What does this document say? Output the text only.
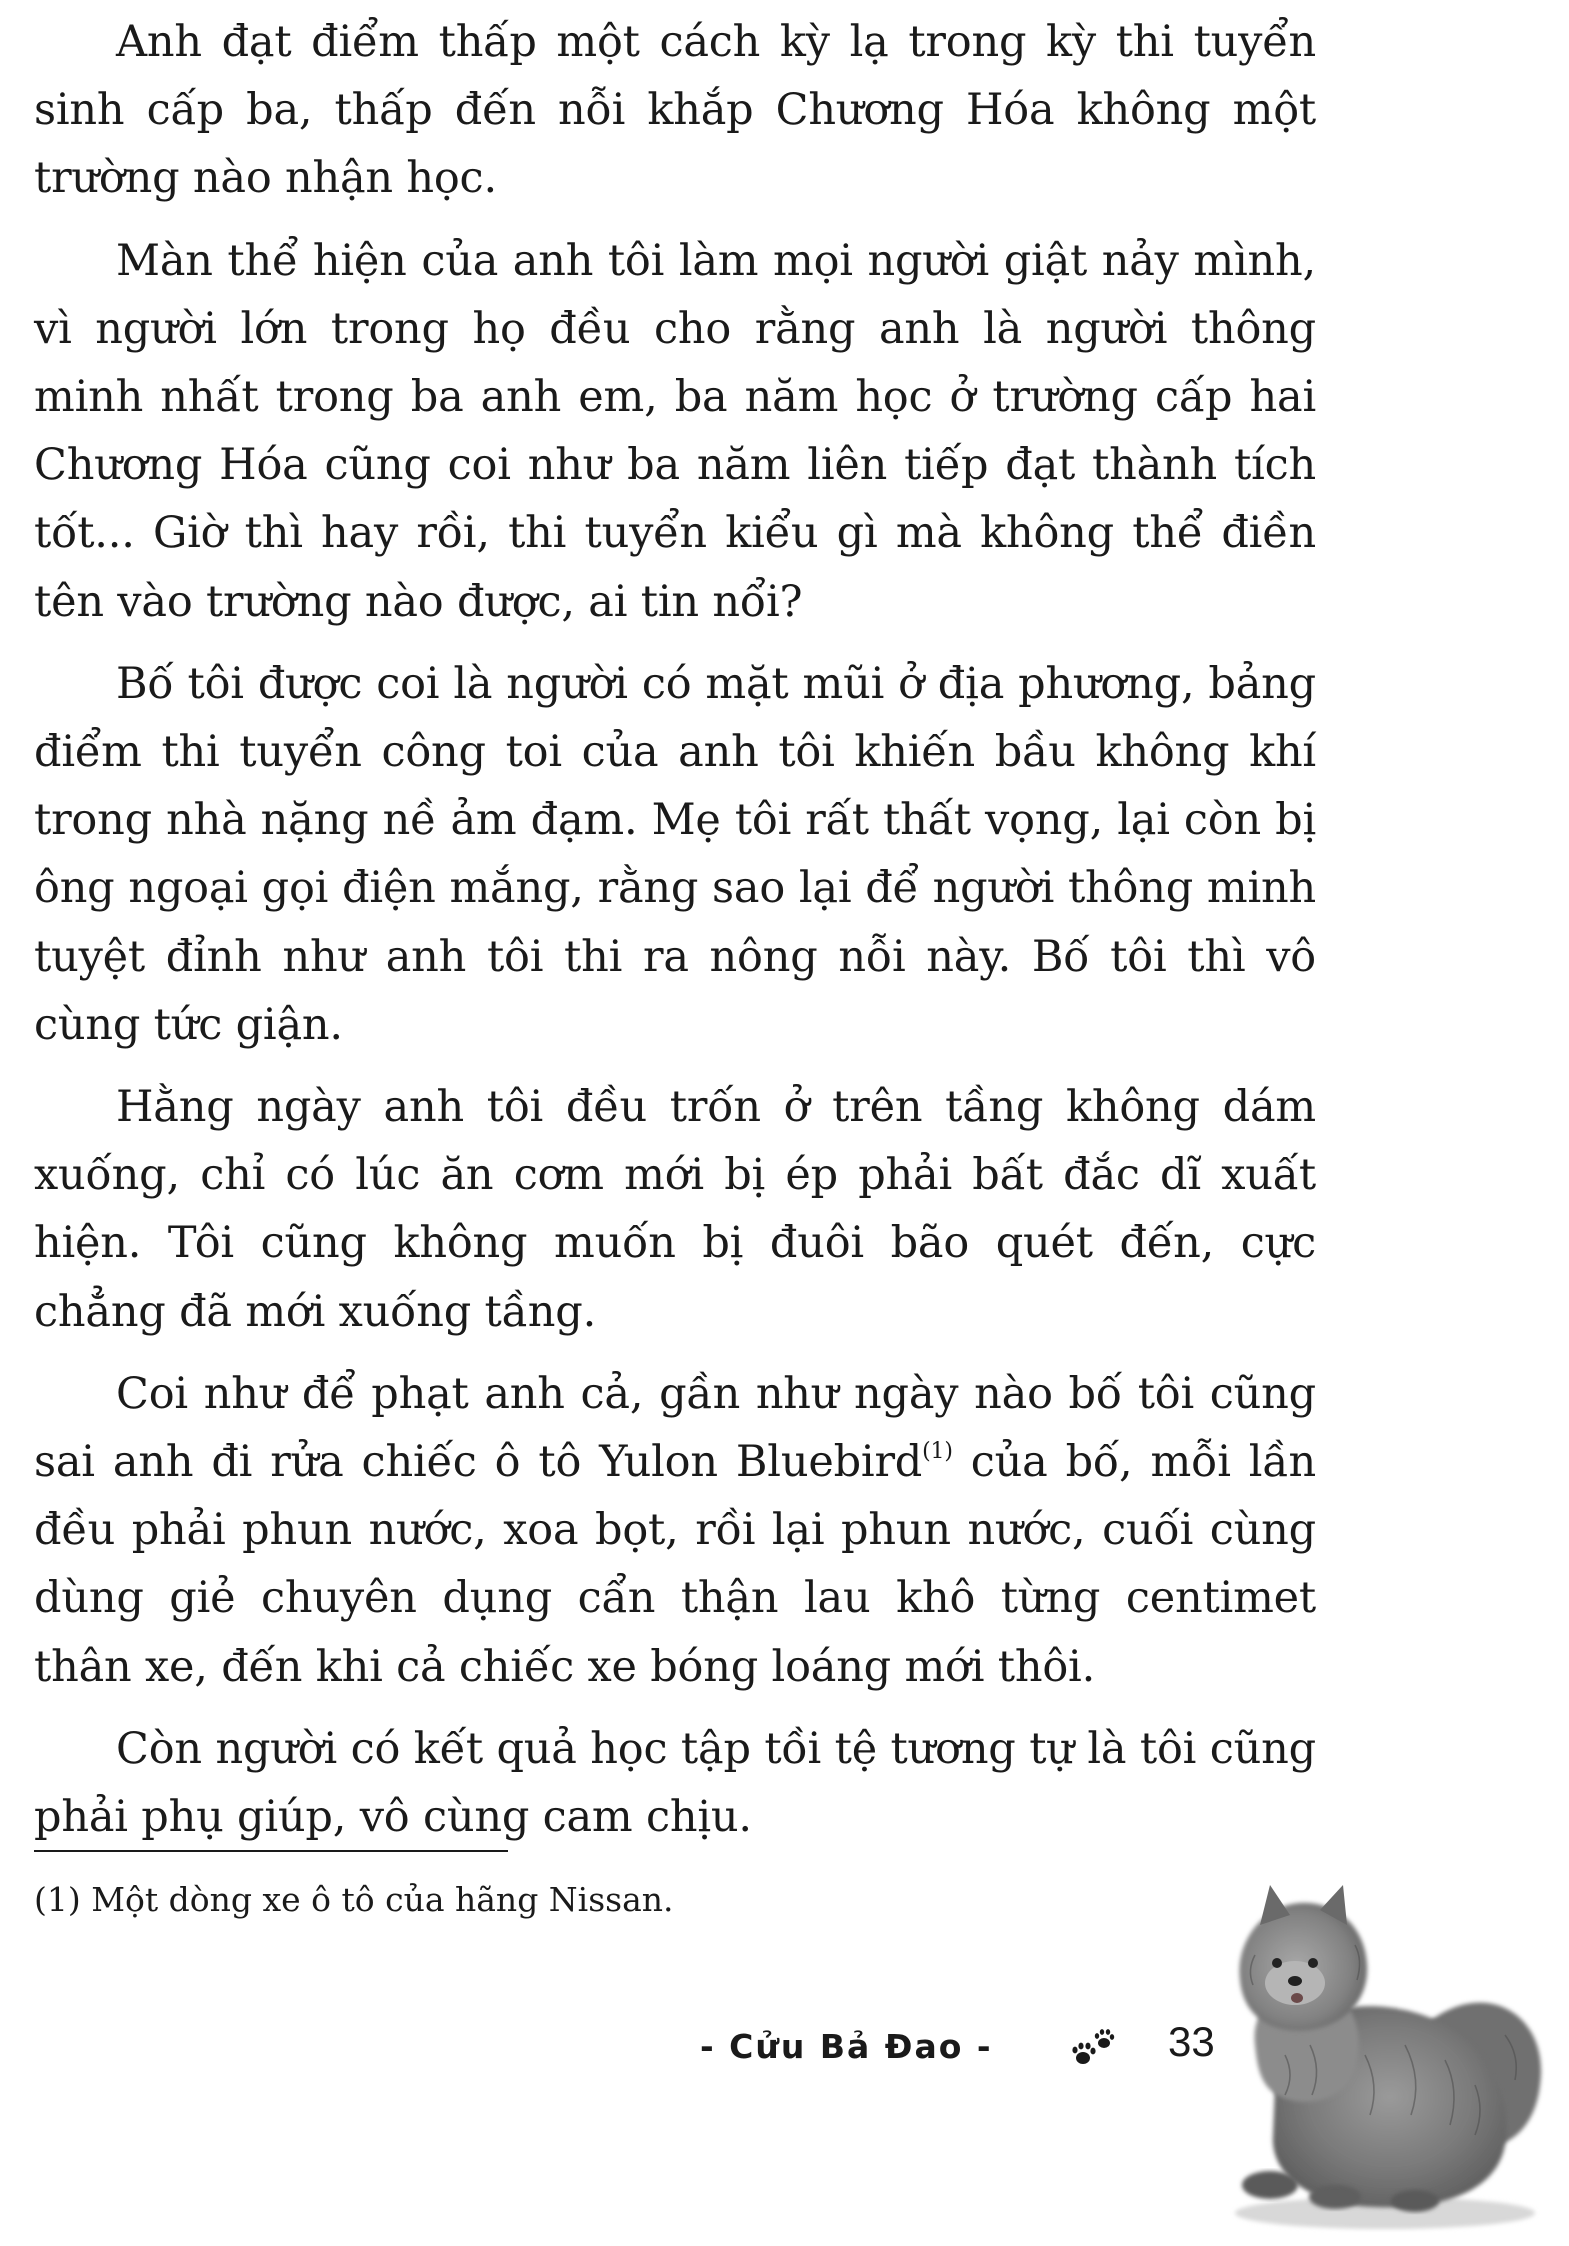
Anh đạt điểm thấp một cách kỳ lạ trong kỳ thi tuyển sinh cấp ba, thấp đến nỗi khắp Chương Hóa không một trường nào nhận học.

Màn thể hiện của anh tôi làm mọi người giật nảy mình, vì người lớn trong họ đều cho rằng anh là người thông minh nhất trong ba anh em, ba năm học ở trường cấp hai Chương Hóa cũng coi như ba năm liên tiếp đạt thành tích tốt... Giờ thì hay rồi, thi tuyển kiểu gì mà không thể điền tên vào trường nào được, ai tin nổi?

Bố tôi được coi là người có mặt mũi ở địa phương, bảng điểm thi tuyển công toi của anh tôi khiến bầu không khí trong nhà nặng nề ảm đạm. Mẹ tôi rất thất vọng, lại còn bị ông ngoại gọi điện mắng, rằng sao lại để người thông minh tuyệt đỉnh như anh tôi thi ra nông nỗi này. Bố tôi thì vô cùng tức giận.

Hằng ngày anh tôi đều trốn ở trên tầng không dám xuống, chỉ có lúc ăn cơm mới bị ép phải bất đắc dĩ xuất hiện. Tôi cũng không muốn bị đuôi bão quét đến, cực chẳng đã mới xuống tầng.

Coi như để phạt anh cả, gần như ngày nào bố tôi cũng sai anh đi rửa chiếc ô tô Yulon Bluebird$^{(1)}$ của bố, mỗi lần đều phải phun nước, xoa bọt, rồi lại phun nước, cuối cùng dùng giẻ chuyên dụng cẩn thận lau khô từng centimet thân xe, đến khi cả chiếc xe bóng loáng mới thôi.

Còn người có kết quả học tập tồi tệ tương tự là tôi cũng phải phụ giúp, vô cùng cam chịu.

(1) Một dòng xe ô tô của hãng Nissan.
- Cửu Bả Đao -	33
